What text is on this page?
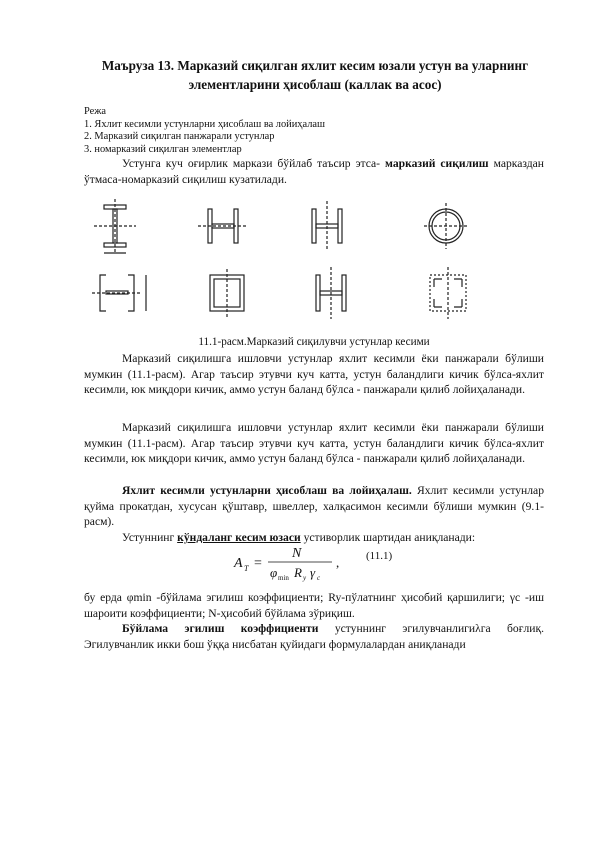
Маъруза 13. Марказий сиқилган яхлит кесим юзали устун ва уларнинг элементларини ҳисоблаш (каллак ва асос)
Режа
1. Яхлит кесимли устунларни ҳисоблаш ва лойиҳалаш
2. Марказий сиқилган панжарали устунлар
3. номарказий сиқилган элементлар
Устунга куч оғирлик маркази бўйлаб таъсир этса- марказий сиқилиш марказдан ўтмаса-номарказий сиқилиш кузатилади.
11.1-расм.Марказий сиқилувчи устунлар кесими
Марказий сиқилишга ишловчи устунлар яхлит кесимли ёки панжарали бўлиши мумкин (11.1-расм). Агар таъсир этувчи куч катта, устун баландлиги кичик бўлса-яхлит кесимли, юк миқдори кичик, аммо устун баланд бўлса - панжарали қилиб лойиҳаланади.
Марказий сиқилишга ишловчи устунлар яхлит кесимли ёки панжарали бўлиши мумкин (11.1-расм). Агар таъсир этувчи куч катта, устун баландлиги кичик бўлса-яхлит кесимли, юк миқдори кичик, аммо устун баланд бўлса - панжарали қилиб лойиҳаланади.
Яхлит кесимли устунларни ҳисоблаш ва лойиҳалаш. Яхлит кесимли устунлар қуйма прокатдан, хусусан қўштавр, швеллер, халқасимон кесимли бўлиши мумкин (9.1-расм).
Устуннинг кўндаланг кесим юзаси устиворлик шартидан аниқланади:
A T =
N
φ min R y γ c
, (11.1)
бу ерда φmin -бўйлама эгилиш коэффициенти; Ry-пўлатнинг ҳисобий қаршилиги; γc -иш шароити коэффициенти; N-ҳисобий бўйлама зўриқиш.
Бўйлама эгилиш коэффициенти устуннинг эгилувчанлигиλга боғлиқ. Эгилувчанлик икки бош ўққа нисбатан қуйидаги формулалардан аниқланади
